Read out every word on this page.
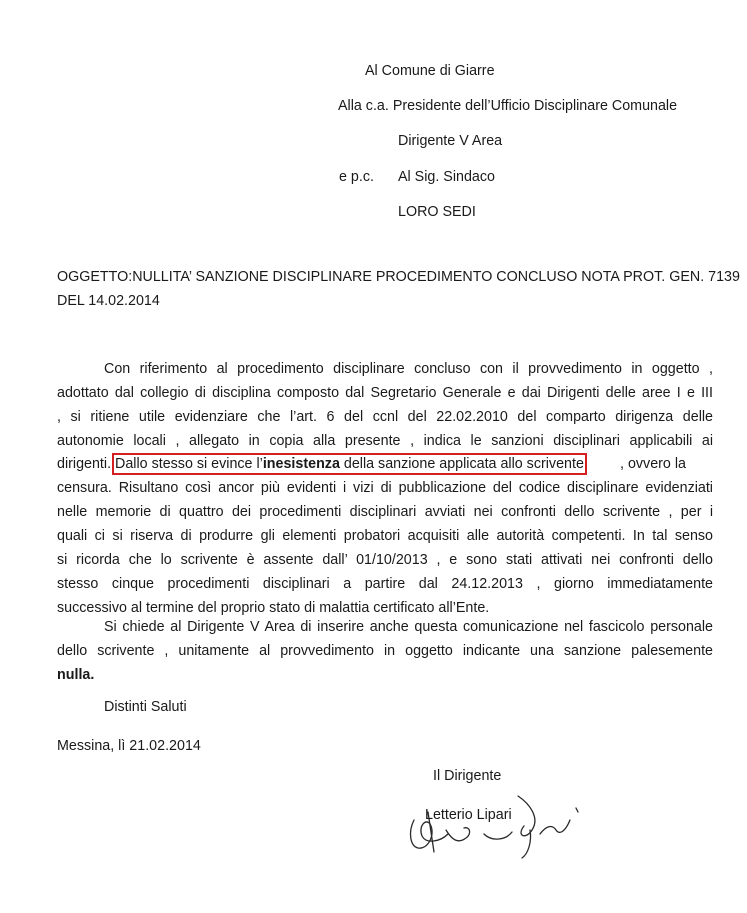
Al Comune di Giarre
Alla c.a. Presidente dell’Ufficio Disciplinare Comunale
Dirigente V Area
e p.c. Al Sig. Sindaco
LORO SEDI
OGGETTO:NULLITA’ SANZIONE DISCIPLINARE PROCEDIMENTO CONCLUSO NOTA PROT. GEN. 7139
DEL 14.02.2014
Con riferimento al procedimento disciplinare concluso con il provvedimento in oggetto ,
adottato dal collegio di disciplina composto dal Segretario Generale e dai Dirigenti delle aree I e III
, si ritiene utile evidenziare che l’art. 6 del ccnl del 22.02.2010 del comparto dirigenza delle
autonomie locali , allegato in copia alla presente , indica le sanzioni disciplinari applicabili ai
dirigenti. Dallo stesso si evince l’inesistenza della sanzione applicata allo scrivente	, ovvero la
censura. Risultano così ancor più evidenti i vizi di pubblicazione del codice disciplinare evidenziati
nelle memorie di quattro dei procedimenti disciplinari avviati nei confronti dello scrivente , per i
quali ci si riserva di produrre gli elementi probatori acquisiti alle autorità competenti. In tal senso
si ricorda che lo scrivente è assente dall’ 01/10/2013 , e sono stati attivati nei confronti dello
stesso cinque procedimenti disciplinari a partire dal 24.12.2013 , giorno immediatamente
successivo al termine del proprio stato di malattia certificato all’Ente.
Si chiede al Dirigente V Area di inserire anche questa comunicazione nel fascicolo personale
dello scrivente , unitamente al provvedimento in oggetto indicante una sanzione palesemente
nulla.
Distinti Saluti
Messina, lì 21.02.2014
Il Dirigente
Letterio Lipari
